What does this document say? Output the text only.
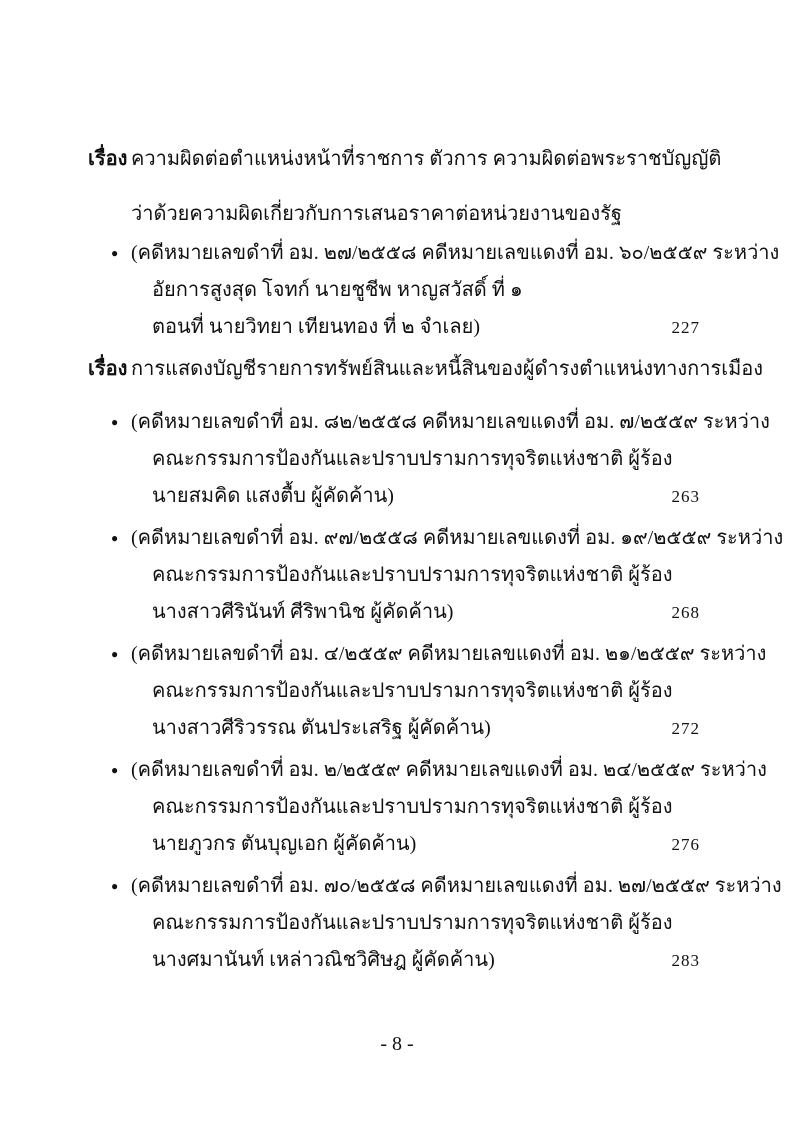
เรื่อง ความผิดต่อตำแหน่งหน้าที่ราชการ ตัวการ ความผิดต่อพระราชบัญญัติ
ว่าด้วยความผิดเกี่ยวกับการเสนอราคาต่อหน่วยงานของรัฐ
● (คดีหมายเลขดำที่ อม. ๒๗/๒๕๕๘ คดีหมายเลขแดงที่ อม. ๖๐/๒๕๕๙ ระหว่าง
อัยการสูงสุด โจทก์ นายชูชีพ หาญสวัสดิ์ ที่ ๑
ตอนที่ นายวิทยา เทียนทอง ที่ ๒ จำเลย)	227
เรื่อง การแสดงบัญชีรายการทรัพย์สินและหนี้สินของผู้ดำรงตำแหน่งทางการเมือง
● (คดีหมายเลขดำที่ อม. ๘๒/๒๕๕๘ คดีหมายเลขแดงที่ อม. ๗/๒๕๕๙ ระหว่าง
คณะกรรมการป้องกันและปราบปรามการทุจริตแห่งชาติ ผู้ร้อง
นายสมคิด แสงตื้บ ผู้คัดค้าน)	263
● (คดีหมายเลขดำที่ อม. ๙๗/๒๕๕๘ คดีหมายเลขแดงที่ อม. ๑๙/๒๕๕๙ ระหว่าง
คณะกรรมการป้องกันและปราบปรามการทุจริตแห่งชาติ ผู้ร้อง
นางสาวศีรินันท์ ศีริพานิช ผู้คัดค้าน)	268
● (คดีหมายเลขดำที่ อม. ๔/๒๕๕๙ คดีหมายเลขแดงที่ อม. ๒๑/๒๕๕๙ ระหว่าง
คณะกรรมการป้องกันและปราบปรามการทุจริตแห่งชาติ ผู้ร้อง
นางสาวศีริวรรณ ตันประเสริฐ ผู้คัดค้าน)	272
● (คดีหมายเลขดำที่ อม. ๒/๒๕๕๙ คดีหมายเลขแดงที่ อม. ๒๔/๒๕๕๙ ระหว่าง
คณะกรรมการป้องกันและปราบปรามการทุจริตแห่งชาติ ผู้ร้อง
นายภูวกร ตันบุญเอก ผู้คัดค้าน)	276
● (คดีหมายเลขดำที่ อม. ๗๐/๒๕๕๘ คดีหมายเลขแดงที่ อม. ๒๗/๒๕๕๙ ระหว่าง
คณะกรรมการป้องกันและปราบปรามการทุจริตแห่งชาติ ผู้ร้อง
นางศมานันท์ เหล่าวณิชวิศิษฎ ผู้คัดค้าน)	283
- 8 -
